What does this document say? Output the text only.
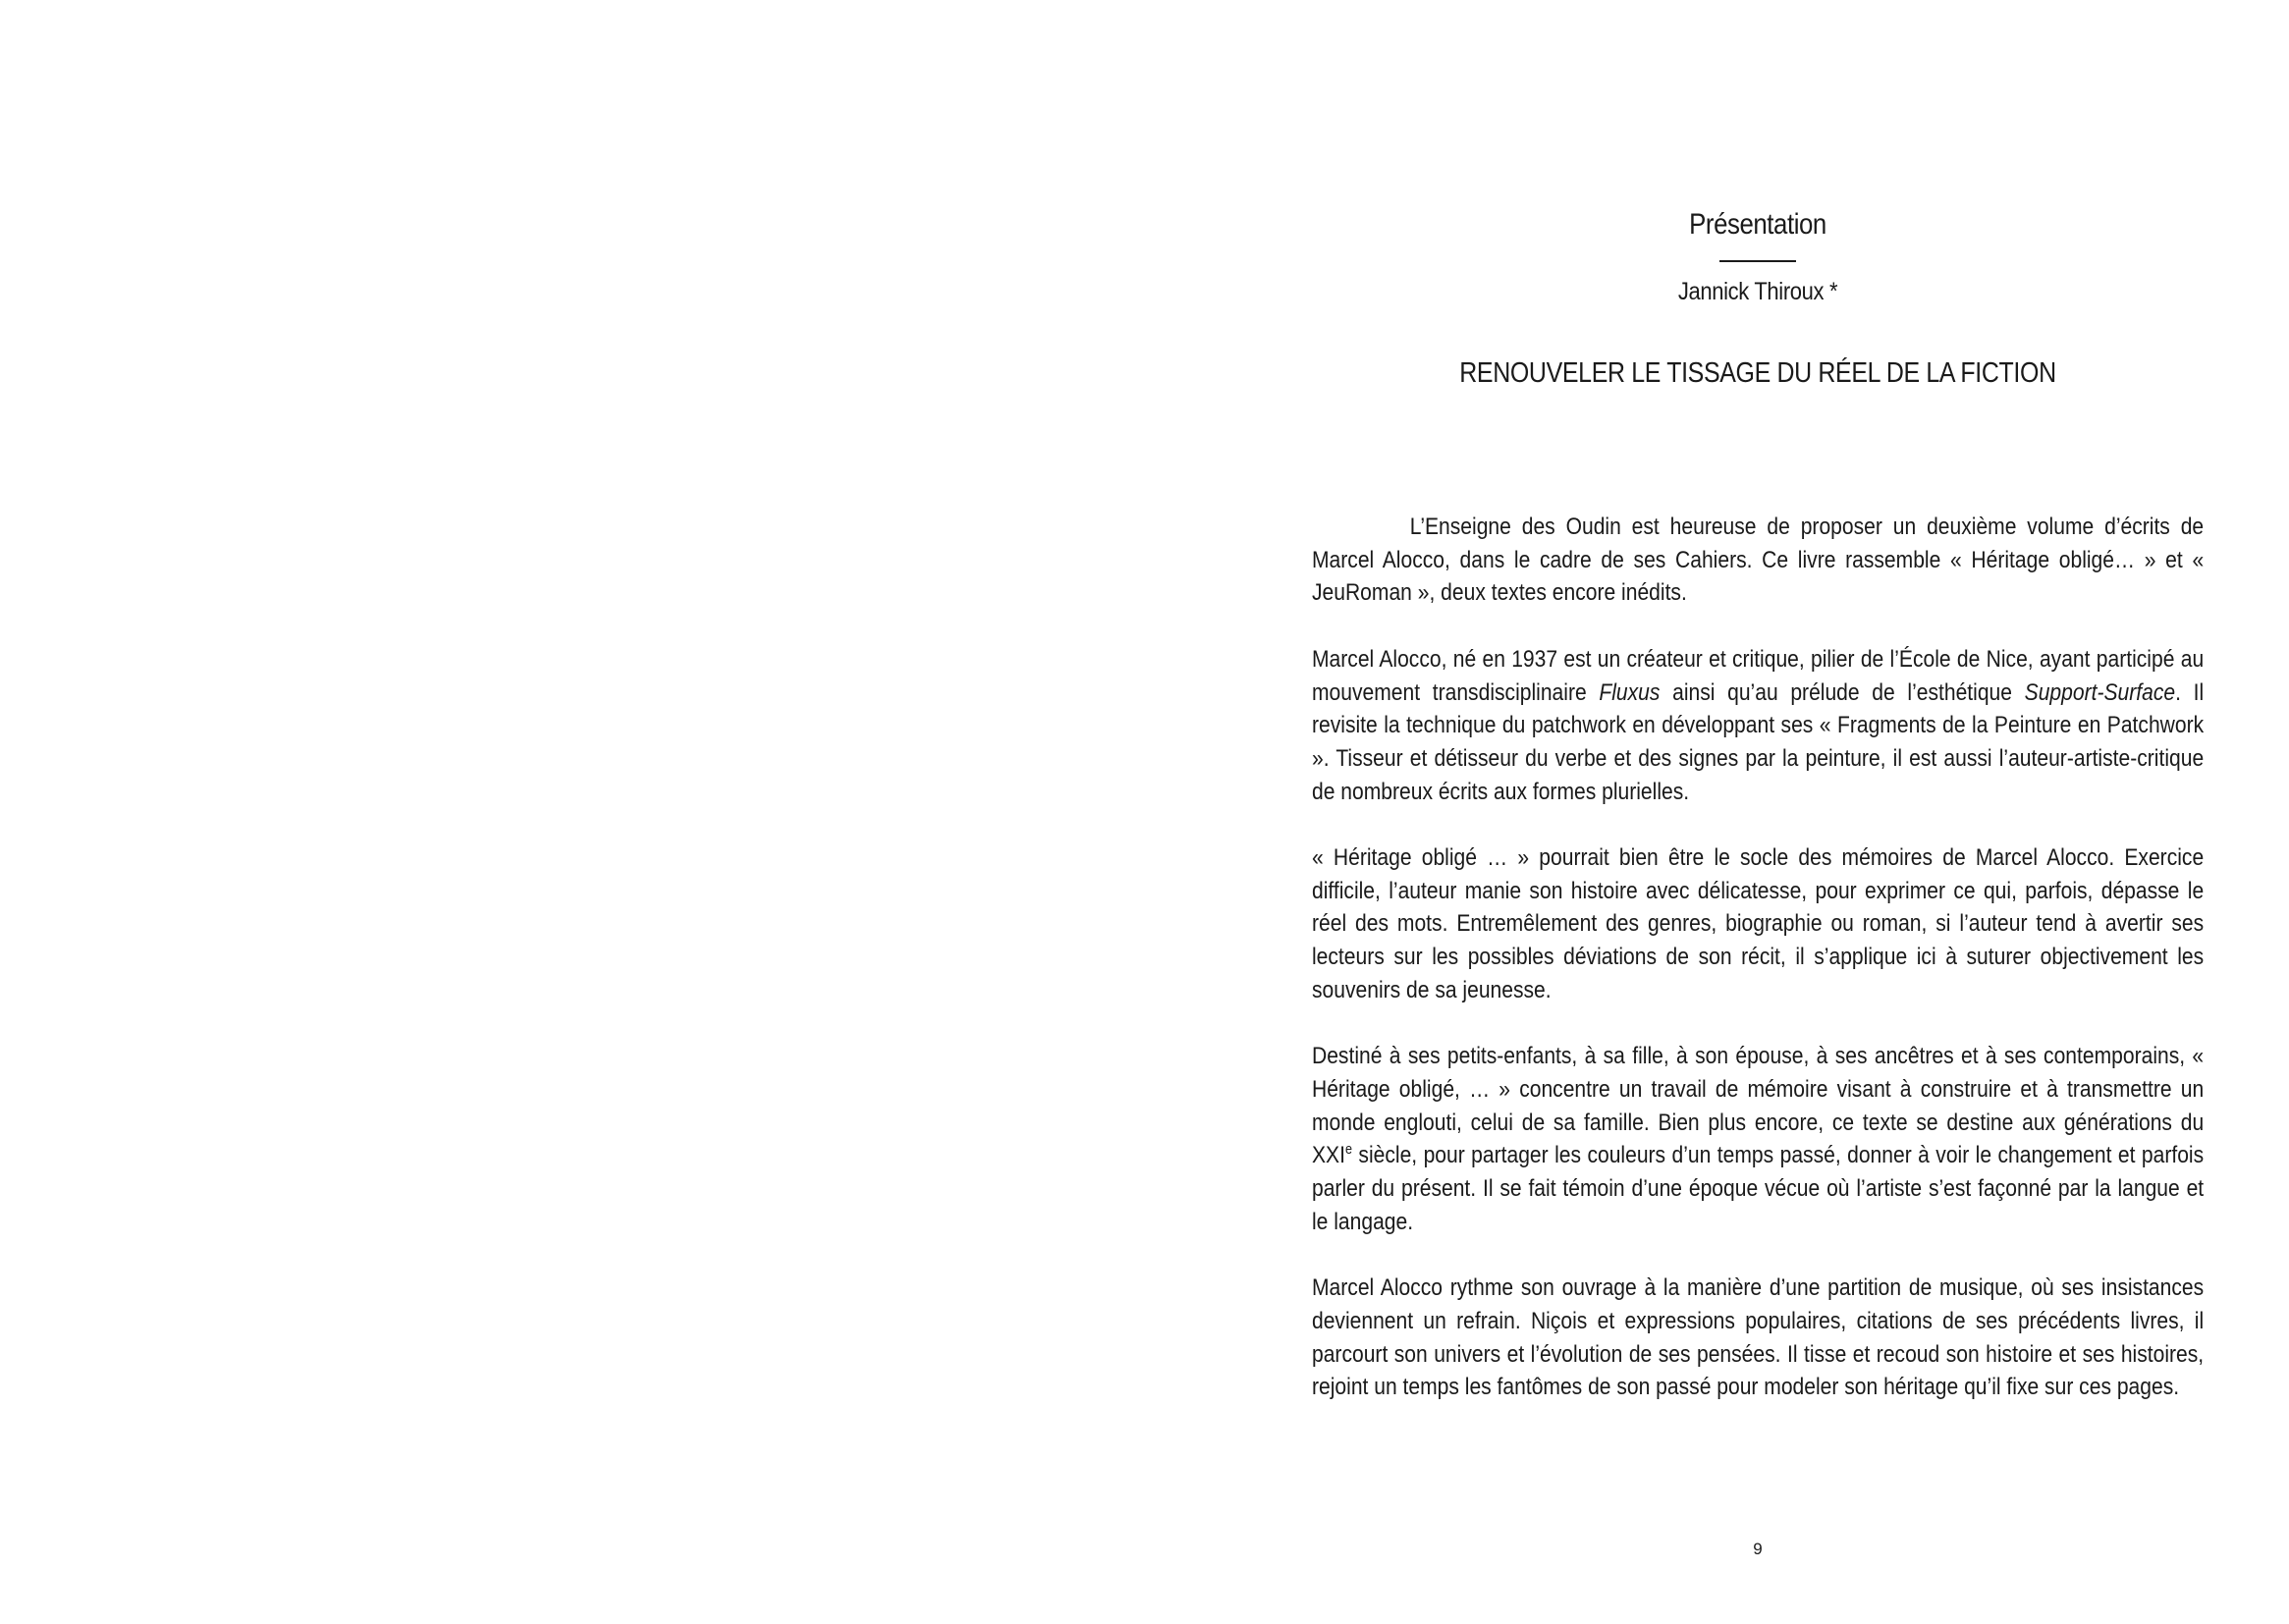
Présentation
Jannick Thiroux *
RENOUVELER LE TISSAGE DU RÉEL DE LA FICTION

L’Enseigne des Oudin est heureuse de proposer un deuxième volume d’écrits de Marcel Alocco, dans le cadre de ses Cahiers. Ce livre rassemble « Héritage obligé… » et « JeuRoman », deux textes encore inédits.

Marcel Alocco, né en 1937 est un créateur et critique, pilier de l’École de Nice, ayant participé au mouvement transdisciplinaire Fluxus ainsi qu’au prélude de l’esthétique Support-Surface. Il revisite la technique du patchwork en développant ses « Fragments de la Peinture en Patchwork ». Tisseur et détisseur du verbe et des signes par la peinture, il est aussi l’auteur-artiste-critique de nombreux écrits aux formes plurielles.

« Héritage obligé … » pourrait bien être le socle des mémoires de Marcel Alocco. Exercice difficile, l’auteur manie son histoire avec délicatesse, pour exprimer ce qui, parfois, dépasse le réel des mots. Entremêlement des genres, biographie ou roman, si l’auteur tend à avertir ses lecteurs sur les possibles déviations de son récit, il s’applique ici à suturer objectivement les souvenirs de sa jeunesse.

Destiné à ses petits-enfants, à sa fille, à son épouse, à ses ancêtres et à ses contemporains, « Héritage obligé, … » concentre un travail de mémoire visant à construire et à transmettre un monde englouti, celui de sa famille. Bien plus encore, ce texte se destine aux générations du XXIe siècle, pour partager les couleurs d’un temps passé, donner à voir le changement et parfois parler du présent. Il se fait témoin d’une époque vécue où l’artiste s’est façonné par la langue et le langage.

Marcel Alocco rythme son ouvrage à la manière d’une partition de musique, où ses insistances deviennent un refrain. Niçois et expressions populaires, citations de ses précédents livres, il parcourt son univers et l’évolution de ses pensées. Il tisse et recoud son histoire et ses histoires, rejoint un temps les fantômes de son passé pour modeler son héritage qu’il fixe sur ces pages.

9
